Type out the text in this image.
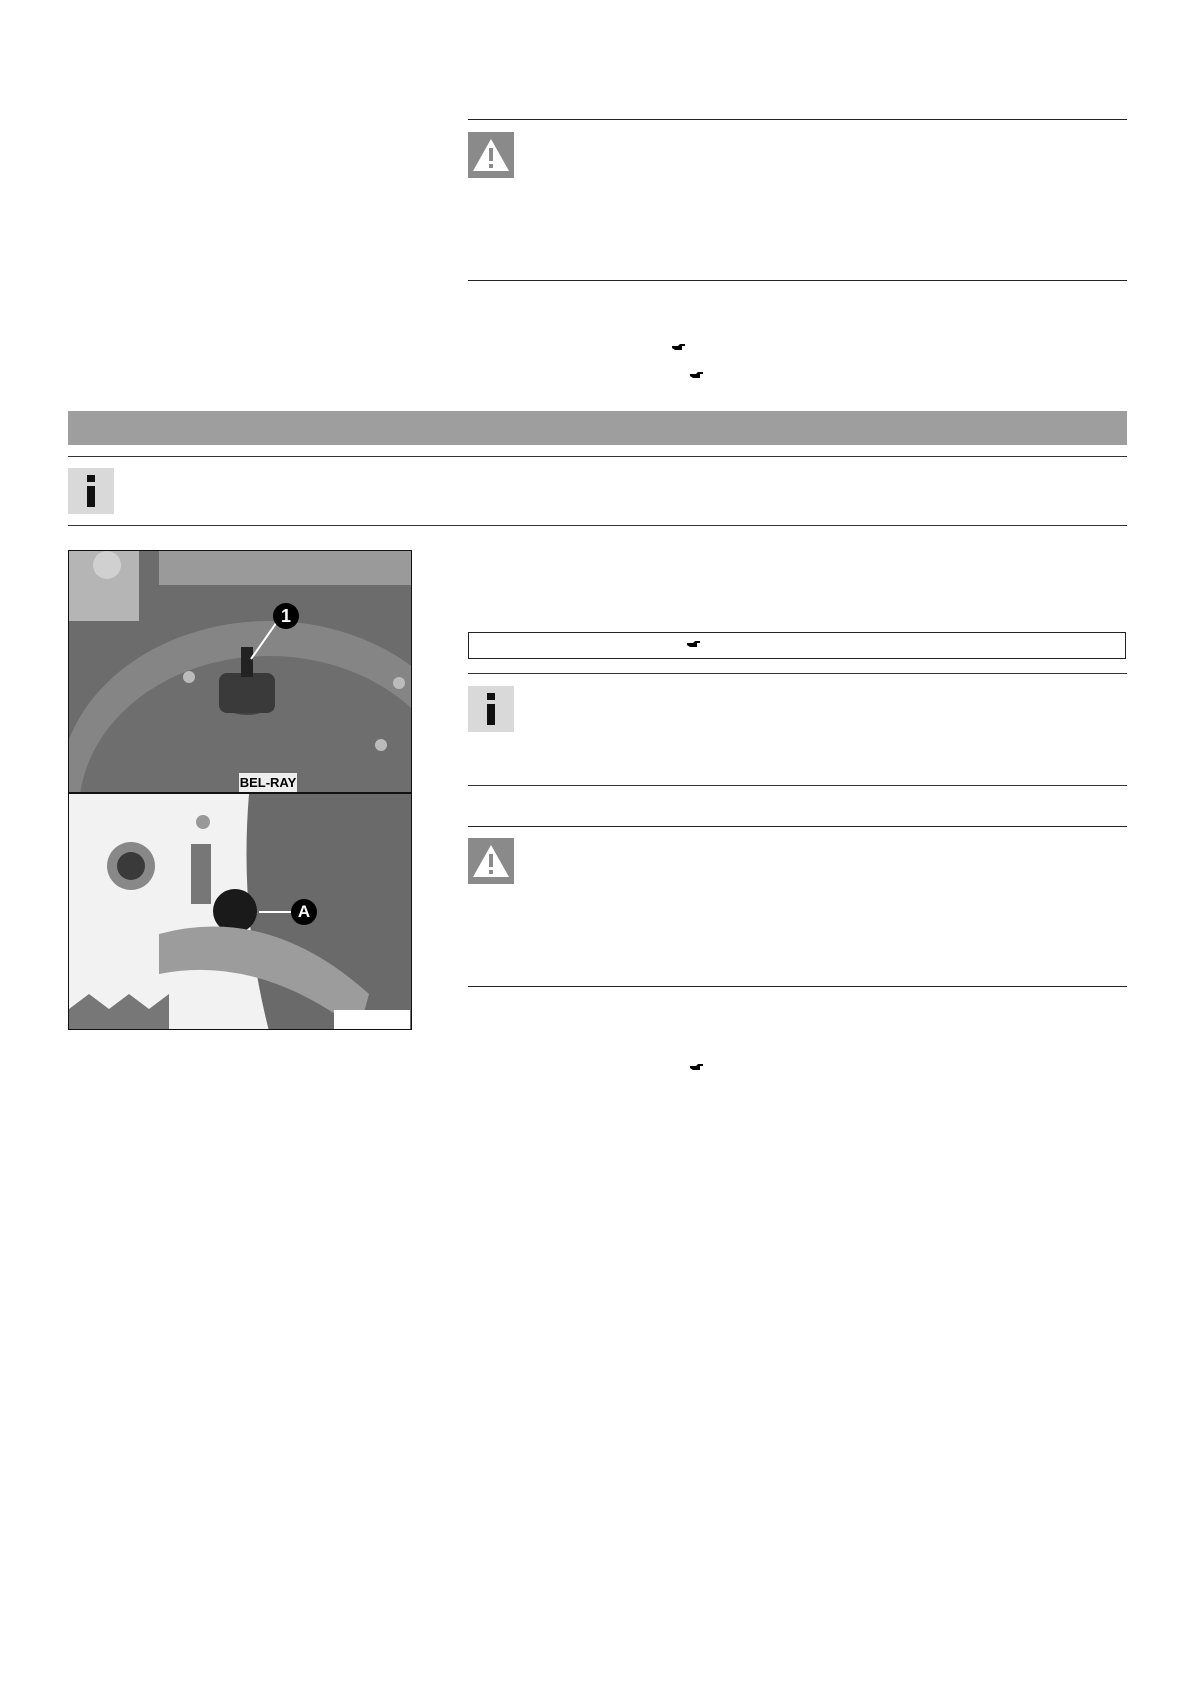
1
BEL-RAY
A
